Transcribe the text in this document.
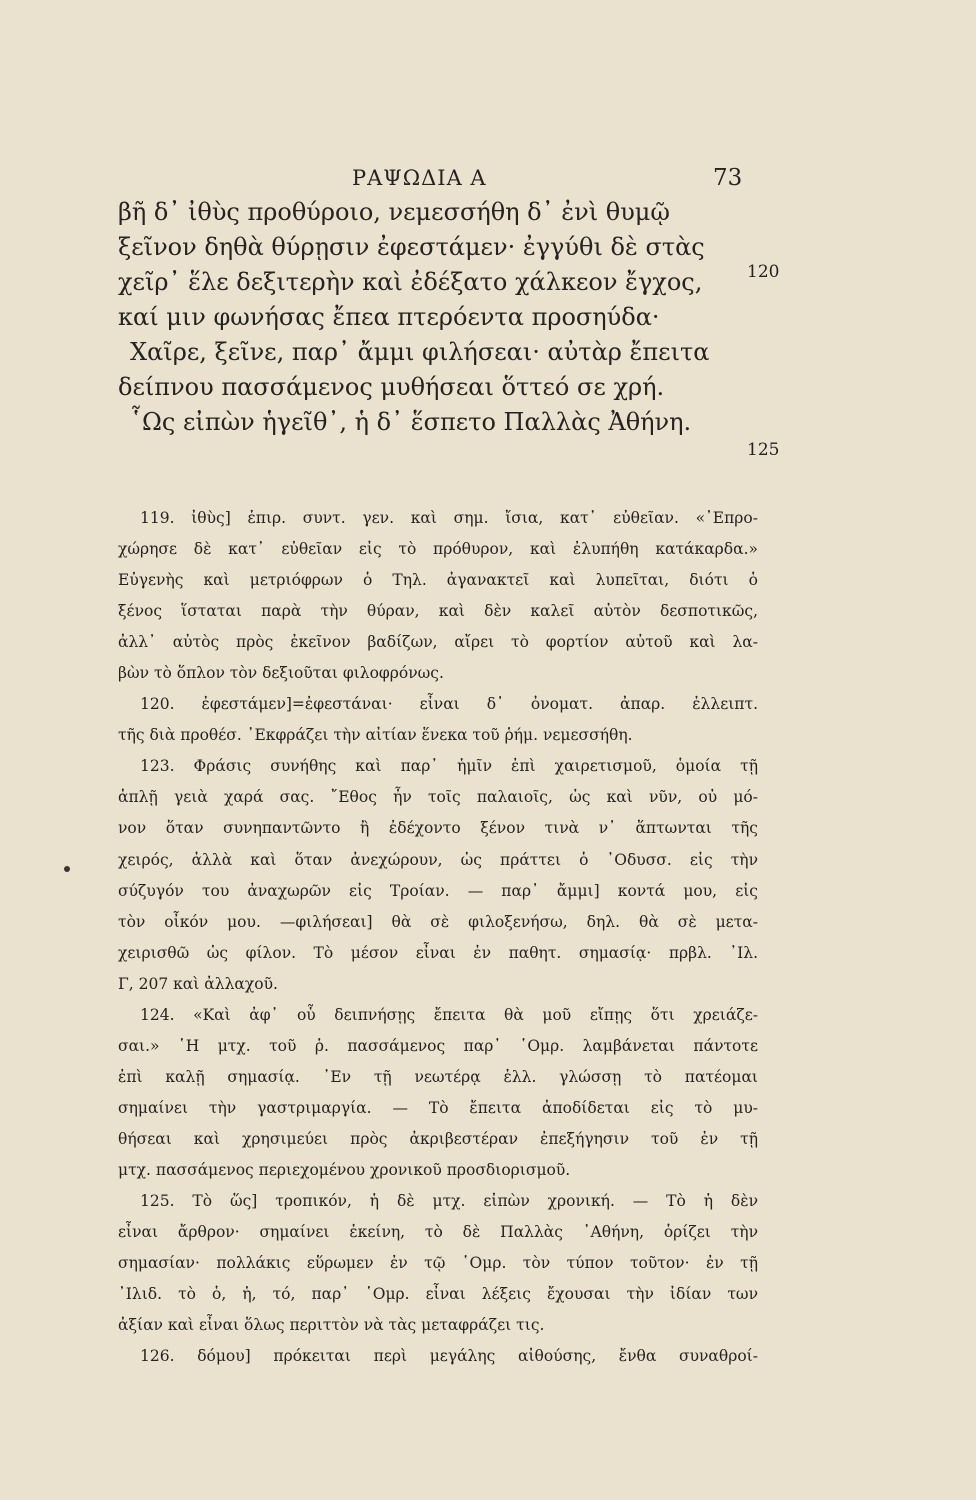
ΡΑΨΩΔΙΑ Α	73
βῆ δ᾽ ἰθὺς προθύροιο, νεμεσσήθη δ᾽ ἐνὶ θυμῷ
ξεῖνον δηθὰ θύρῃσιν ἐφεστάμεν· ἐγγύθι δὲ στὰς
χεῖρ᾽ ἕλε δεξιτερὴν καὶ ἐδέξατο χάλκεον ἔγχος,
καί μιν φωνήσας ἔπεα πτερόεντα προσηύδα·
Χαῖρε, ξεῖνε, παρ᾽ ἄμμι φιλήσεαι· αὐτὰρ ἔπειτα
δείπνου πασσάμενος μυθήσεαι ὅττεό σε χρή.
῟Ως εἰπὼν ἡγεῖθ᾽, ἡ δ᾽ ἕσπετο Παλλὰς Ἀθήνη.
120
125
119. ἰθὺς] ἐπιρ. συντ. γεν. καὶ σημ. ἴσια, κατ᾽ εὐθεῖαν. «᾽Επρο-
χώρησε δὲ κατ᾽ εὐθεῖαν εἰς τὸ πρόθυρον, καὶ ἐλυπήθη κατάκαρδα.»
Εὐγενὴς καὶ μετριόφρων ὁ Τηλ. ἀγανακτεῖ καὶ λυπεῖται, διότι ὁ
ξένος ἵσταται παρὰ τὴν θύραν, καὶ δὲν καλεῖ αὐτὸν δεσποτικῶς,
ἀλλ᾽ αὐτὸς πρὸς ἐκεῖνον βαδίζων, αἴρει τὸ φορτίον αὐτοῦ καὶ λα-
βὼν τὸ ὅπλον τὸν δεξιοῦται φιλοφρόνως.
120. ἐφεστάμεν]=ἐφεστάναι· εἶναι δ᾽ ὀνοματ. ἀπαρ. ἐλλειπτ.
τῆς διὰ προθέσ. ᾽Εκφράζει τὴν αἰτίαν ἕνεκα τοῦ ῥήμ. νεμεσσήθη.
123. Φράσις συνήθης καὶ παρ᾽ ἡμῖν ἐπὶ χαιρετισμοῦ, ὁμοία τῇ
ἁπλῇ γειὰ χαρά σας. ῎Εθος ἦν τοῖς παλαιοῖς, ὡς καὶ νῦν, οὐ μό-
νον ὅταν συνηπαντῶντο ἢ ἐδέχοντο ξένον τινὰ ν᾽ ἅπτωνται τῆς
χειρός, ἀλλὰ καὶ ὅταν ἀνεχώρουν, ὡς πράττει ὁ ᾽Οδυσσ. εἰς τὴν
σύζυγόν του ἀναχωρῶν εἰς Τροίαν. — παρ᾽ ἄμμι] κοντά μου, εἰς
τὸν οἶκόν μου. —φιλήσεαι] θὰ σὲ φιλοξενήσω, δηλ. θὰ σὲ μετα-
χειρισθῶ ὡς φίλον. Τὸ μέσον εἶναι ἐν παθητ. σημασίᾳ· πρβλ. ᾽Ιλ.
Γ, 207 καὶ ἀλλαχοῦ.
124. «Καὶ ἀφ᾽ οὗ δειπνήσῃς ἔπειτα θὰ μοῦ εἴπῃς ὅτι χρειάζε-
σαι.» ῾Η μτχ. τοῦ ῥ. πασσάμενος παρ᾽ ῾Ομρ. λαμβάνεται πάντοτε
ἐπὶ καλῇ σημασίᾳ. ᾽Εν τῇ νεωτέρᾳ ἑλλ. γλώσσῃ τὸ πατέομαι
σημαίνει τὴν γαστριμαργία. — Τὸ ἔπειτα ἀποδίδεται εἰς τὸ μυ-
θήσεαι καὶ χρησιμεύει πρὸς ἀκριβεστέραν ἐπεξήγησιν τοῦ ἐν τῇ
μτχ. πασσάμενος περιεχομένου χρονικοῦ προσδιορισμοῦ.
125. Τὸ ὥς] τροπικόν, ἡ δὲ μτχ. εἰπὼν χρονική. — Τὸ ἡ δὲν
εἶναι ἄρθρον· σημαίνει ἐκείνη, τὸ δὲ Παλλὰς ᾽Αθήνη, ὁρίζει τὴν
σημασίαν· πολλάκις εὕρωμεν ἐν τῷ ῾Ομρ. τὸν τύπον τοῦτον· ἐν τῇ
᾽Ιλιδ. τὸ ὁ, ἡ, τό, παρ᾽ ῾Ομρ. εἶναι λέξεις ἔχουσαι τὴν ἰδίαν των
ἀξίαν καὶ εἶναι ὅλως περιττὸν νὰ τὰς μεταφράζει τις.
126. δόμου] πρόκειται περὶ μεγάλης αἰθούσης, ἔνθα συναθροί-
